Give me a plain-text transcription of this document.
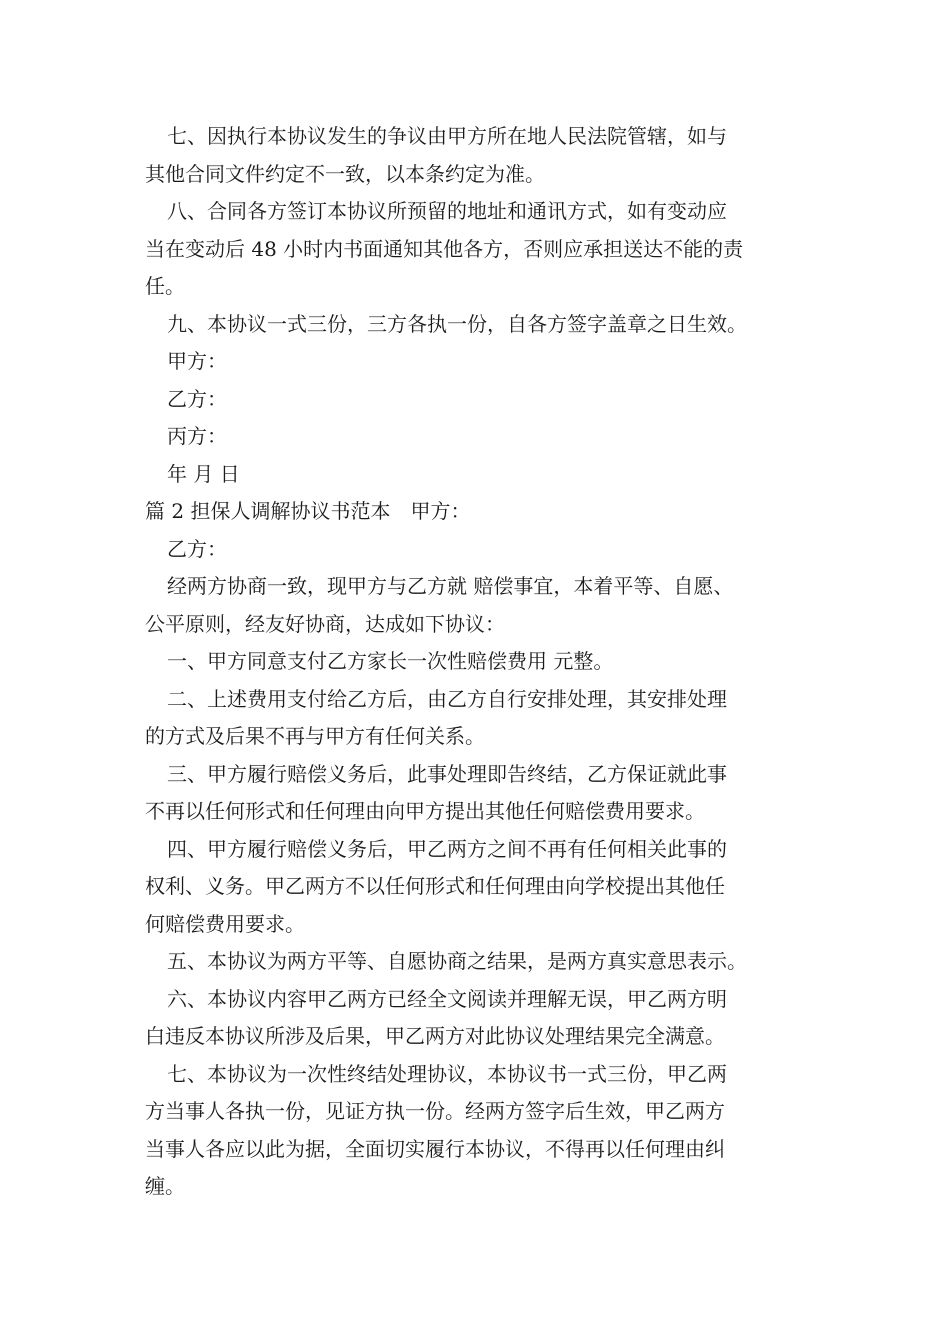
七、因执行本协议发生的争议由甲方所在地人民法院管辖，如与
其他合同文件约定不一致，以本条约定为准。
八、合同各方签订本协议所预留的地址和通讯方式，如有变动应
当在变动后 48 小时内书面通知其他各方，否则应承担送达不能的责
任。
九、本协议一式三份，三方各执一份，自各方签字盖章之日生效。
甲方：
乙方：
丙方：
年 月 日
篇 2 担保人调解协议书范本　甲方：
乙方：
经两方协商一致，现甲方与乙方就 赔偿事宜，本着平等、自愿、
公平原则，经友好协商，达成如下协议：
一、甲方同意支付乙方家长一次性赔偿费用 元整。
二、上述费用支付给乙方后，由乙方自行安排处理，其安排处理
的方式及后果不再与甲方有任何关系。
三、甲方履行赔偿义务后，此事处理即告终结，乙方保证就此事
不再以任何形式和任何理由向甲方提出其他任何赔偿费用要求。
四、甲方履行赔偿义务后，甲乙两方之间不再有任何相关此事的
权利、义务。甲乙两方不以任何形式和任何理由向学校提出其他任
何赔偿费用要求。
五、本协议为两方平等、自愿协商之结果，是两方真实意思表示。
六、本协议内容甲乙两方已经全文阅读并理解无误，甲乙两方明
白违反本协议所涉及后果，甲乙两方对此协议处理结果完全满意。
七、本协议为一次性终结处理协议，本协议书一式三份，甲乙两
方当事人各执一份，见证方执一份。经两方签字后生效，甲乙两方
当事人各应以此为据，全面切实履行本协议，不得再以任何理由纠
缠。
